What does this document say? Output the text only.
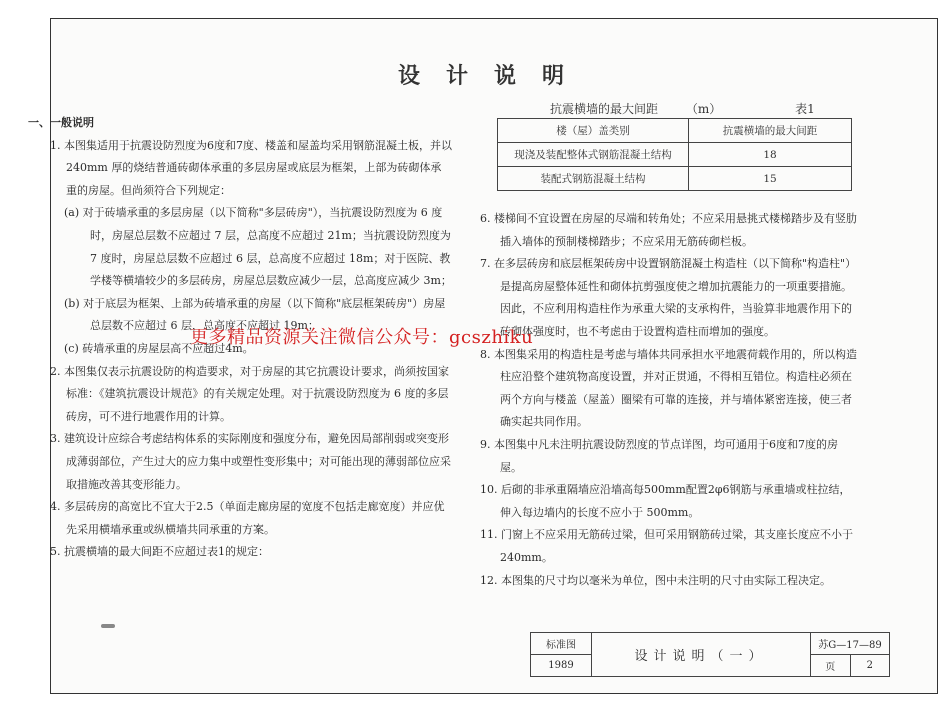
设计说明

一、一般说明

1. 本图集适用于抗震设防烈度为6度和7度、楼盖和屋盖均采用钢筋混凝土板，并以 240mm 厚的烧结普通砖砌体承重的多层房屋或底层为框架，上部为砖砌体承重的房屋。但尚须符合下列规定：

(a) 对于砖墙承重的多层房屋（以下简称"多层砖房"），当抗震设防烈度为 6 度时，房屋总层数不应超过 7 层，总高度不应超过 21m；当抗震设防烈度为 7 度时，房屋总层数不应超过 6 层，总高度不应超过 18m；对于医院、教学楼等横墙较少的多层砖房，房屋总层数应减少一层，总高度应减少 3m；

(b) 对于底层为框架、上部为砖墙承重的房屋（以下简称"底层框架砖房"）房屋总层数不应超过 6 层，总高度不应超过 19m；

(c) 砖墙承重的房屋层高不应超过4m。

2. 本图集仅表示抗震设防的构造要求，对于房屋的其它抗震设计要求，尚须按国家标准：《建筑抗震设计规范》的有关规定处理。对于抗震设防烈度为 6 度的多层砖房，可不进行地震作用的计算。

3. 建筑设计应综合考虑结构体系的实际刚度和强度分布，避免因局部削弱或突变形成薄弱部位，产生过大的应力集中或塑性变形集中；对可能出现的薄弱部位应采取措施改善其变形能力。

4. 多层砖房的高宽比不宜大于2.5（单面走廊房屋的宽度不包括走廊宽度）并应优先采用横墙承重或纵横墙共同承重的方案。

5. 抗震横墙的最大间距不应超过表1的规定：

抗震横墙的最大间距 （m）	表1
楼（屋）盖类别	抗震横墙的最大间距
现浇及装配整体式钢筋混凝土结构	18
装配式钢筋混凝土结构	15

6. 楼梯间不宜设置在房屋的尽端和转角处；不应采用悬挑式楼梯踏步及有竖肋插入墙体的预制楼梯踏步；不应采用无筋砖砌栏板。

7. 在多层砖房和底层框架砖房中设置钢筋混凝土构造柱（以下简称"构造柱"）是提高房屋整体延性和砌体抗剪强度使之增加抗震能力的一项重要措施。因此，不应利用构造柱作为承重大梁的支承构件，当验算非地震作用下的砖砌体强度时，也不考虑由于设置构造柱而增加的强度。

8. 本图集采用的构造柱是考虑与墙体共同承担水平地震荷载作用的，所以构造柱应沿整个建筑物高度设置，并对正贯通，不得相互错位。构造柱必须在两个方向与楼盖（屋盖）圈梁有可靠的连接，并与墙体紧密连接，使三者确实起共同作用。

9. 本图集中凡未注明抗震设防烈度的节点详图，均可通用于6度和7度的房屋。

10. 后砌的非承重隔墙应沿墙高每500mm配置2φ6钢筋与承重墙或柱拉结，伸入每边墙内的长度不应小于 500mm。

11. 门窗上不应采用无筋砖过梁，但可采用钢筋砖过梁，其支座长度应不小于 240mm。

12. 本图集的尺寸均以毫米为单位，图中未注明的尺寸由实际工程决定。

更多精品资源关注微信公众号：gcszhiku
标准图	设计说明（一）	苏G—17—89	
1989		页	2
